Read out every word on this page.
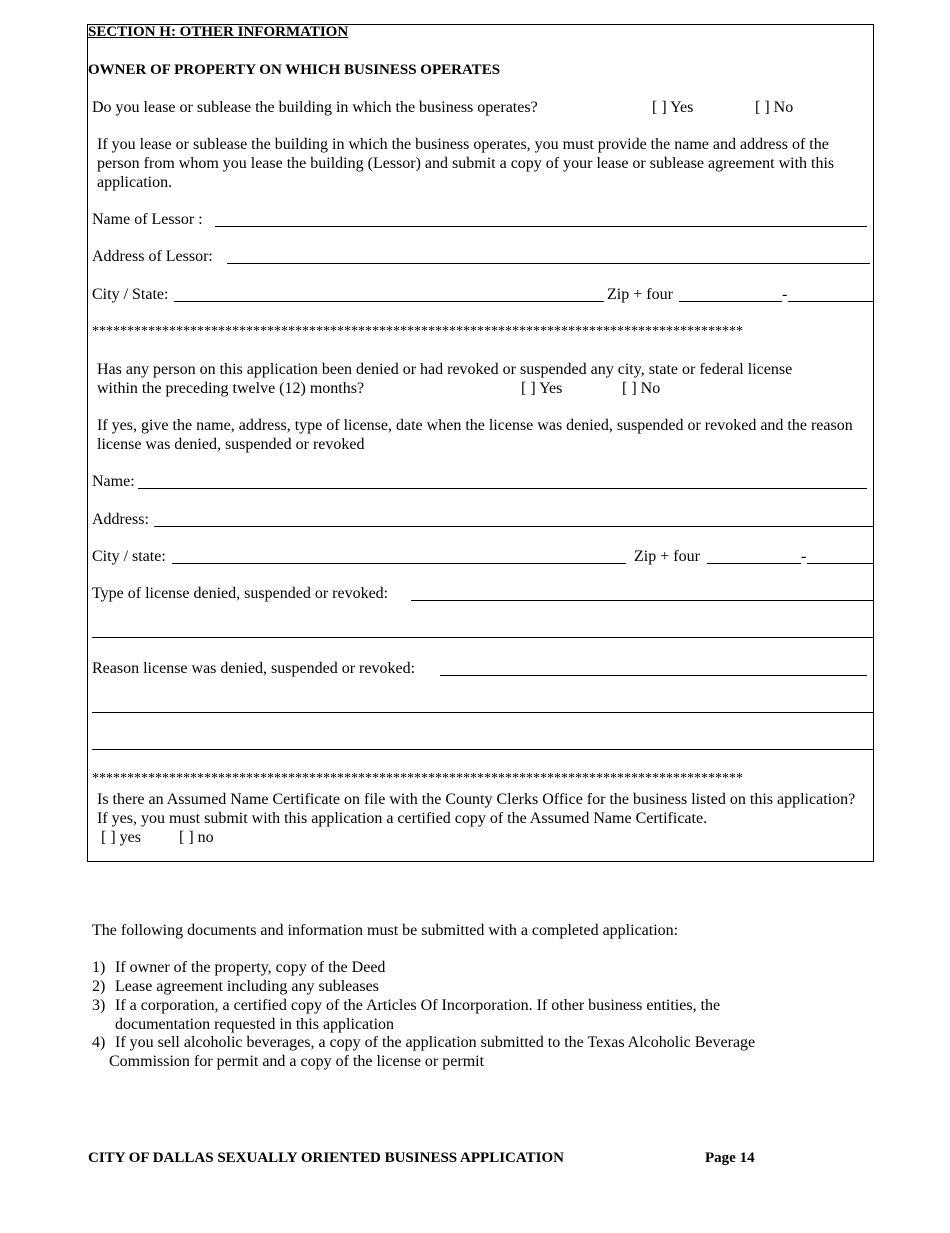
SECTION H: OTHER INFORMATION
OWNER OF PROPERTY ON WHICH BUSINESS OPERATES
Do you lease or sublease the building in which the business operates?	[ ] Yes	[ ] No
If you lease or sublease the building in which the business operates, you must provide the name and address of the person from whom you lease the building (Lessor) and submit a copy of your lease or sublease agreement with this application.
Name of Lessor :
Address of Lessor:
City / State:	Zip + four	-
*********************************************************************************************
Has any person on this application been denied or had revoked or suspended any city, state or federal license
within the preceding twelve (12) months?	[ ] Yes	[ ] No
If yes, give the name, address, type of license, date when the license was denied, suspended or revoked and the reason license was denied, suspended or revoked
Name:
Address:
City / state:	Zip + four	-
Type of license denied, suspended or revoked:
Reason license was denied, suspended or revoked:
*********************************************************************************************
Is there an Assumed Name Certificate on file with the County Clerks Office for the business listed on this application? If yes, you must submit with this application a certified copy of the Assumed Name Certificate.
[ ] yes [ ] no
The following documents and information must be submitted with a completed application:
1) If owner of the property, copy of the Deed
2) Lease agreement including any subleases
3) If a corporation, a certified copy of the Articles Of Incorporation. If other business entities, the
documentation requested in this application
4) If you sell alcoholic beverages, a copy of the application submitted to the Texas Alcoholic Beverage
Commission for permit and a copy of the license or permit
CITY OF DALLAS SEXUALLY ORIENTED BUSINESS APPLICATION	Page 14
